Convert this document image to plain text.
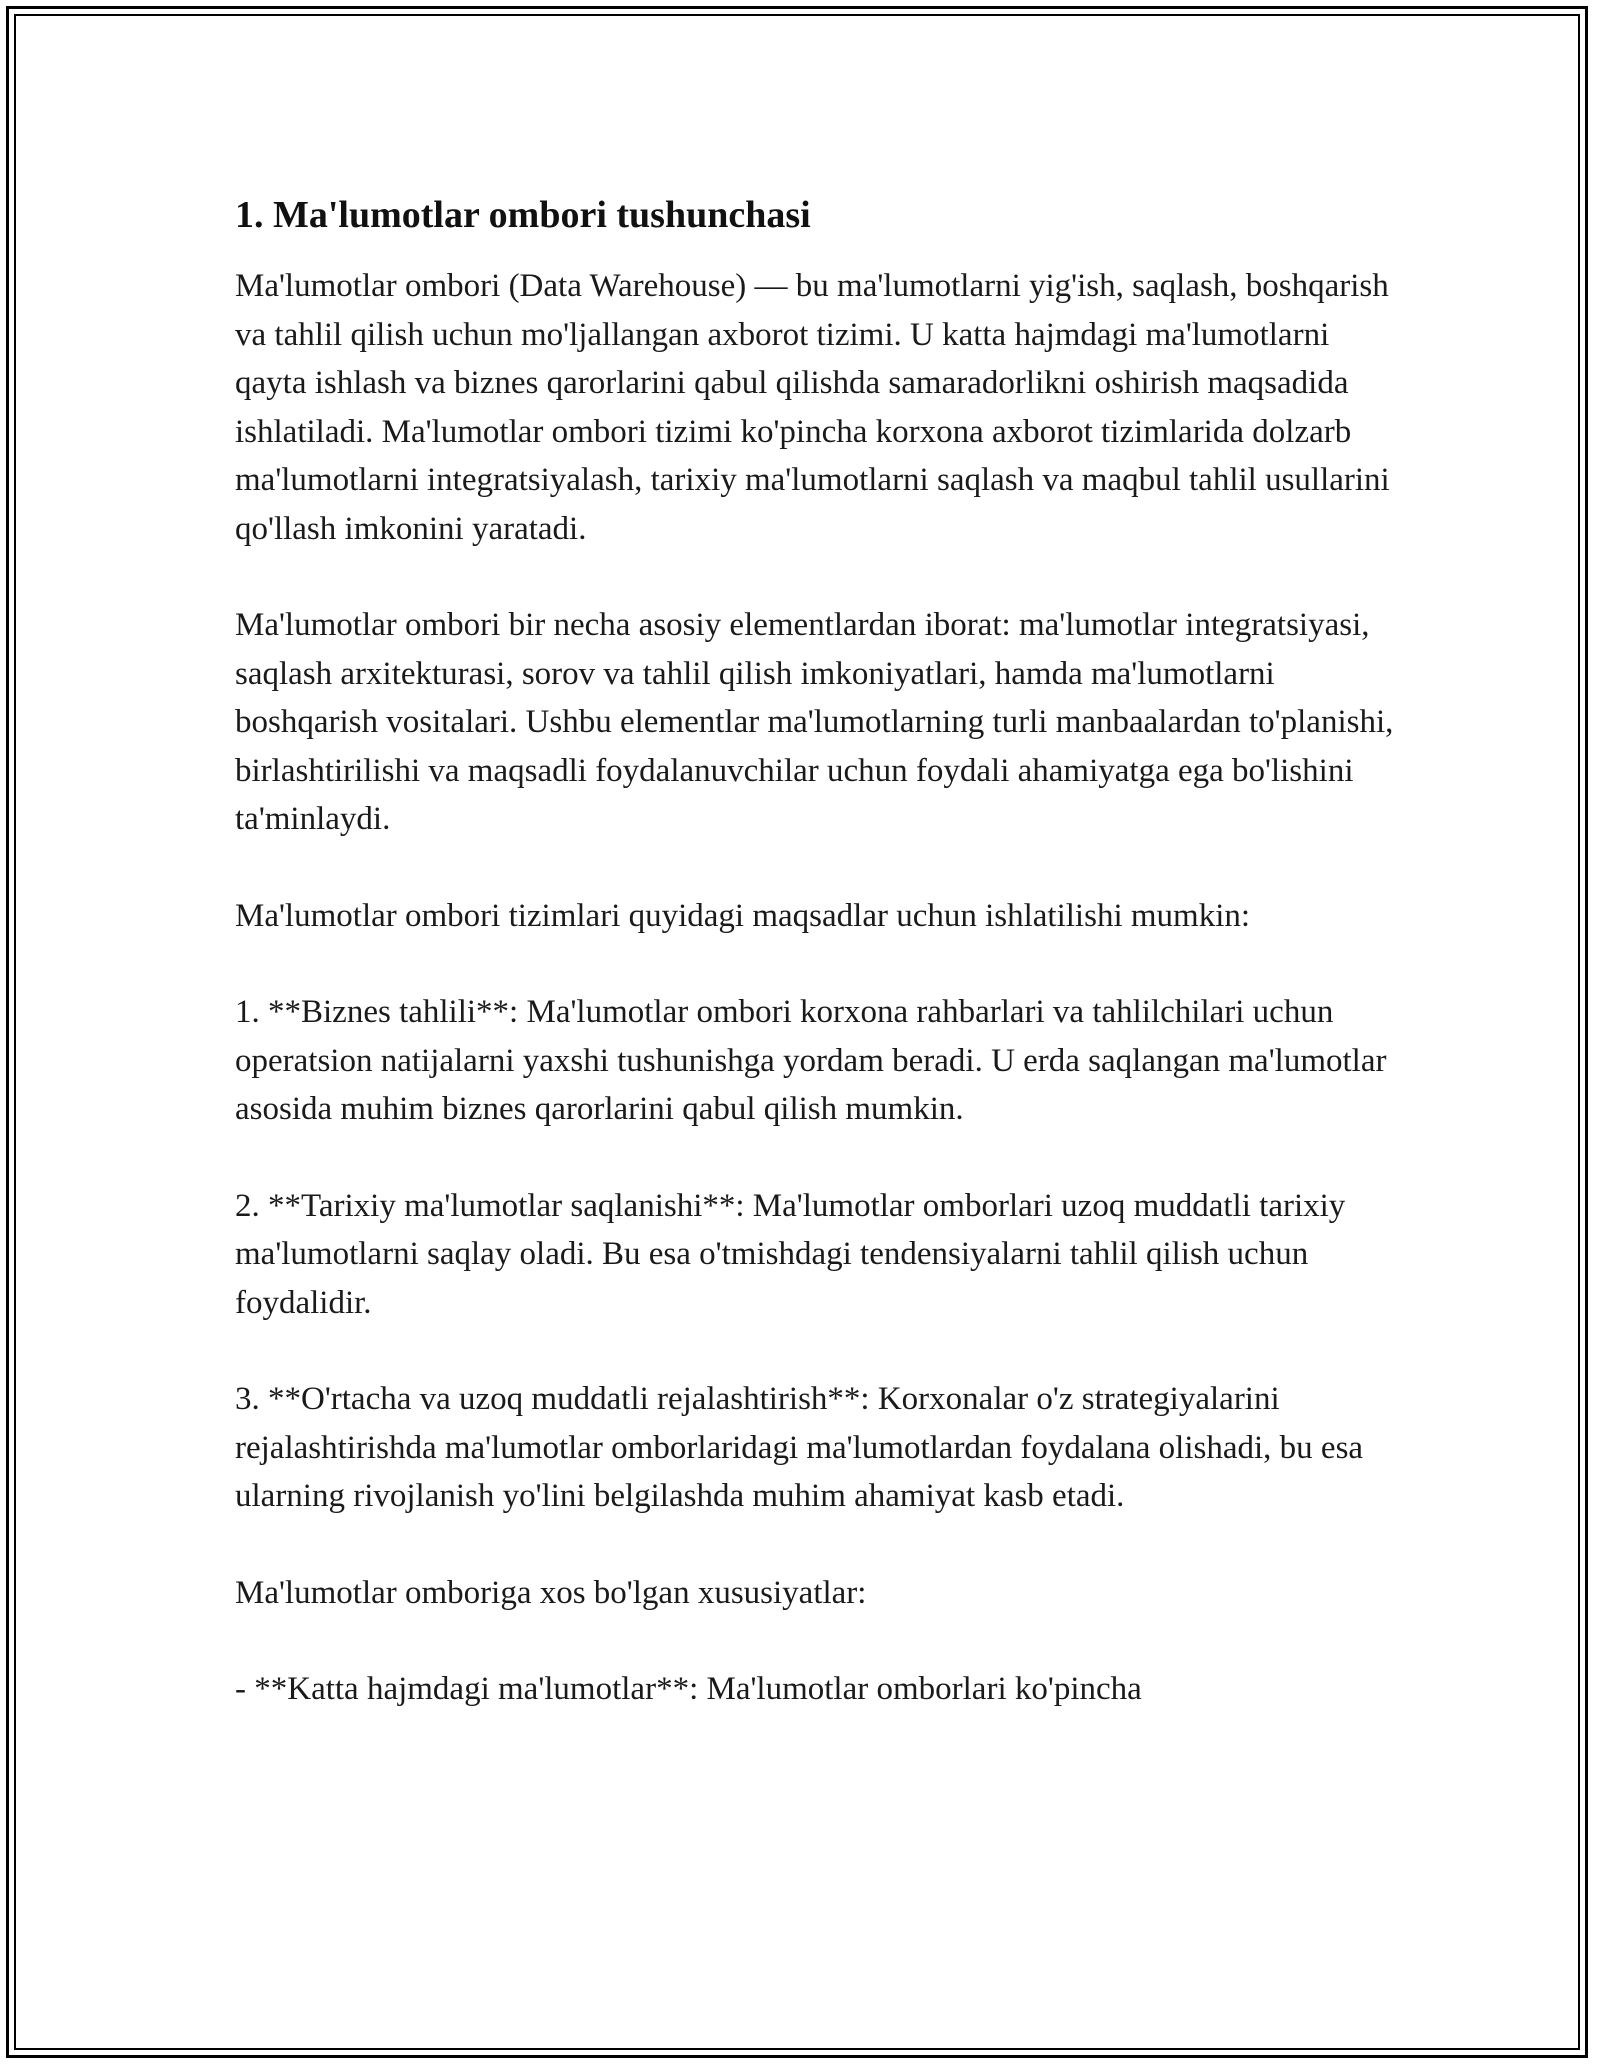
1. Ma'lumotlar ombori tushunchasi

Ma'lumotlar ombori (Data Warehouse) — bu ma'lumotlarni yig'ish, saqlash, boshqarish va tahlil qilish uchun mo'ljallangan axborot tizimi. U katta hajmdagi ma'lumotlarni qayta ishlash va biznes qarorlarini qabul qilishda samaradorlikni oshirish maqsadida ishlatiladi. Ma'lumotlar ombori tizimi ko'pincha korxona axborot tizimlarida dolzarb ma'lumotlarni integratsiyalash, tarixiy ma'lumotlarni saqlash va maqbul tahlil usullarini qo'llash imkonini yaratadi.

Ma'lumotlar ombori bir necha asosiy elementlardan iborat: ma'lumotlar integratsiyasi, saqlash arxitekturasi, sorov va tahlil qilish imkoniyatlari, hamda ma'lumotlarni boshqarish vositalari. Ushbu elementlar ma'lumotlarning turli manbaalardan to'planishi, birlashtirilishi va maqsadli foydalanuvchilar uchun foydali ahamiyatga ega bo'lishini ta'minlaydi.

Ma'lumotlar ombori tizimlari quyidagi maqsadlar uchun ishlatilishi mumkin:

1. **Biznes tahlili**: Ma'lumotlar ombori korxona rahbarlari va tahlilchilari uchun operatsion natijalarni yaxshi tushunishga yordam beradi. U erda saqlangan ma'lumotlar asosida muhim biznes qarorlarini qabul qilish mumkin.

2. **Tarixiy ma'lumotlar saqlanishi**: Ma'lumotlar omborlari uzoq muddatli tarixiy ma'lumotlarni saqlay oladi. Bu esa o'tmishdagi tendensiyalarni tahlil qilish uchun foydalidir.

3. **O'rtacha va uzoq muddatli rejalashtirish**: Korxonalar o'z strategiyalarini rejalashtirishda ma'lumotlar omborlaridagi ma'lumotlardan foydalana olishadi, bu esa ularning rivojlanish yo'lini belgilashda muhim ahamiyat kasb etadi.

Ma'lumotlar omboriga xos bo'lgan xususiyatlar:

- **Katta hajmdagi ma'lumotlar**: Ma'lumotlar omborlari ko'pincha
